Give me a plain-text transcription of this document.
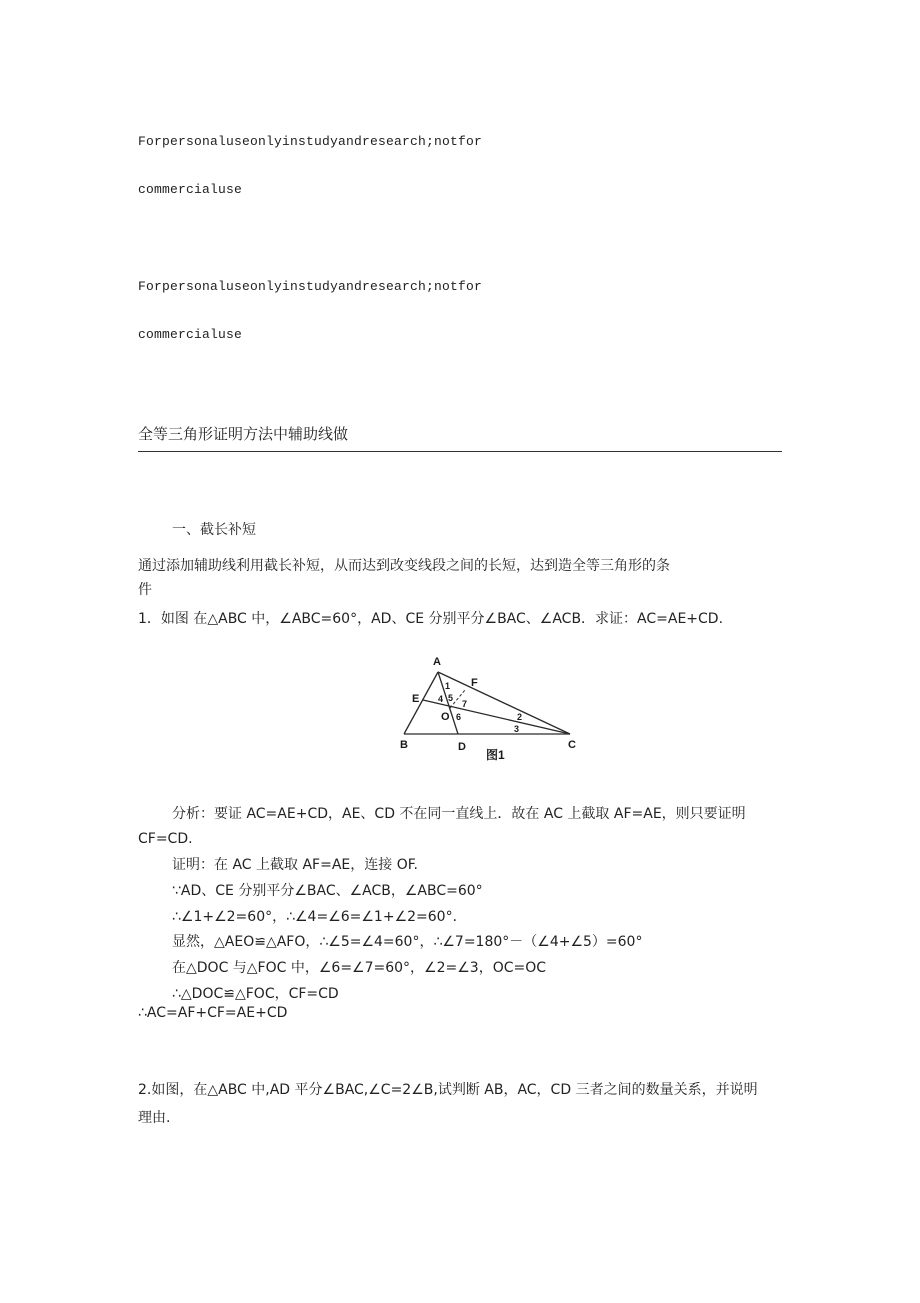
Forpersonaluseonlyinstudyandresearch;notfor
commercialuse
Forpersonaluseonlyinstudyandresearch;notfor
commercialuse
全等三角形证明方法中辅助线做
一、截长补短
通过添加辅助线利用截长补短，从而达到改变线段之间的长短，达到造全等三角形的条
件
1．如图 在△ABC 中，∠ABC=60°，AD、CE 分别平分∠BAC、∠ACB．求证：AC=AE+CD.
A
B	C
D
E
F
O
1
2
3
4 5
6
7
图1
分析：要证 AC=AE+CD，AE、CD 不在同一直线上．故在 AC 上截取 AF=AE，则只要证明
CF=CD.
证明：在 AC 上截取 AF=AE，连接 OF.
∵AD、CE 分别平分∠BAC、∠ACB，∠ABC=60°
∴∠1+∠2=60°，∴∠4=∠6=∠1+∠2=60°．
显然，△AEO≌△AFO，∴∠5=∠4=60°，∴∠7=180°－（∠4+∠5）=60°
在△DOC 与△FOC 中，∠6=∠7=60°，∠2=∠3，OC=OC
∴△DOC≌△FOC，CF=CD
∴AC=AF+CF=AE+CD
2.如图，在△ABC 中,AD 平分∠BAC,∠C=2∠B,试判断 AB，AC，CD 三者之间的数量关系，并说明
理由.
